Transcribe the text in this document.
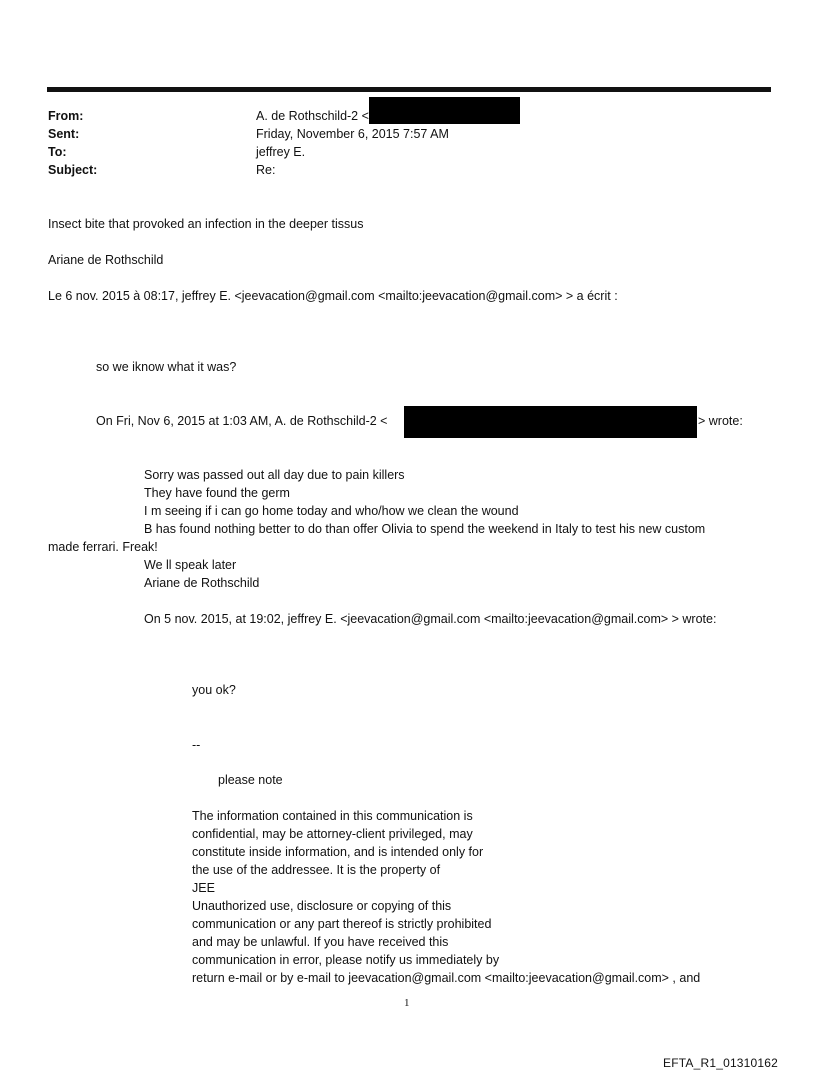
From:	A. de Rothschild-2 <
Sent:	Friday, November 6, 2015 7:57 AM
To:	jeffrey E.
Subject:	Re:
Insect bite that provoked an infection in the deeper tissus
Ariane de Rothschild
Le 6 nov. 2015 à 08:17, jeffrey E. <jeevacation@gmail.com <mailto:jeevacation@gmail.com> > a écrit :
so we iknow what it was?
On Fri, Nov 6, 2015 at 1:03 AM, A. de Rothschild-2 <	> wrote:
Sorry was passed out all day due to pain killers
They have found the germ
I m seeing if i can go home today and who/how we clean the wound
B has found nothing better to do than offer Olivia to spend the weekend in Italy to test his new custom
made ferrari. Freak!
We ll speak later
Ariane de Rothschild
On 5 nov. 2015, at 19:02, jeffrey E. <jeevacation@gmail.com <mailto:jeevacation@gmail.com> > wrote:
you ok?
--
please note
The information contained in this communication is
confidential, may be attorney-client privileged, may
constitute inside information, and is intended only for
the use of the addressee. It is the property of
JEE
Unauthorized use, disclosure or copying of this
communication or any part thereof is strictly prohibited
and may be unlawful. If you have received this
communication in error, please notify us immediately by
return e-mail or by e-mail to jeevacation@gmail.com <mailto:jeevacation@gmail.com> , and
1
EFTA_R1_01310162
